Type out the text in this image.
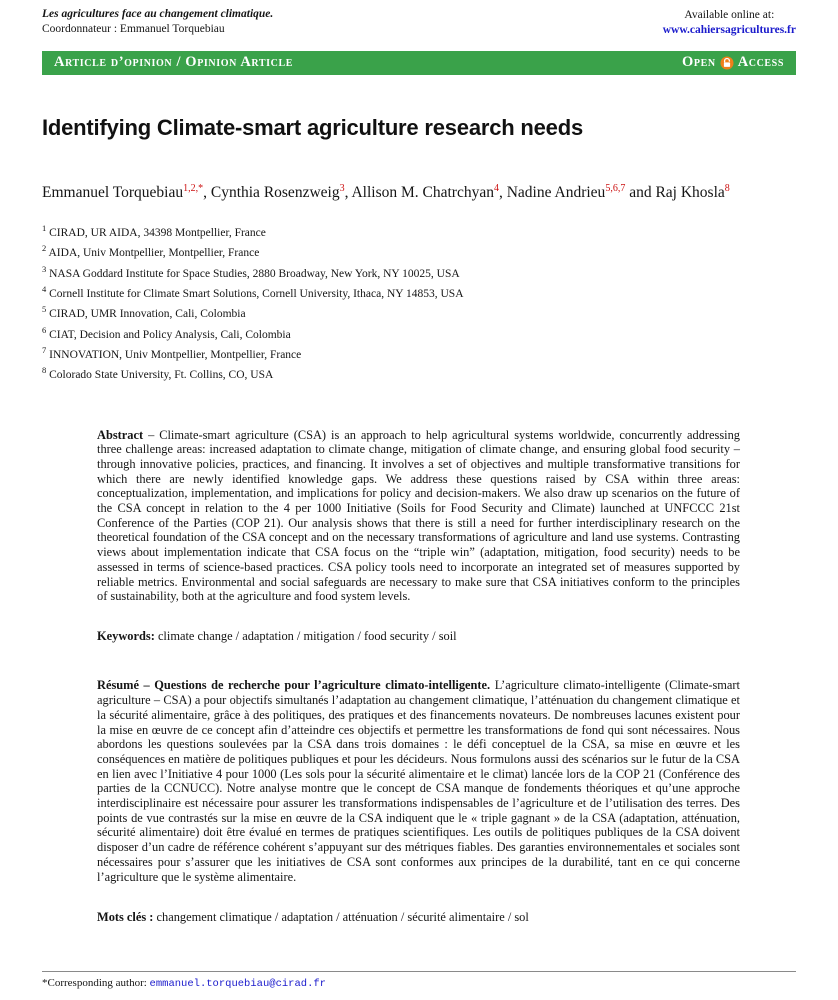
Les agricultures face au changement climatique.
Coordonnateur : Emmanuel Torquebiau
Available online at:
www.cahiersagricultures.fr
Article d’opinion / Opinion Article	Open Access
Identifying Climate-smart agriculture research needs
Emmanuel Torquebiau$^{1,2,*}$, Cynthia Rosenzweig$^3$, Allison M. Chatrchyan$^4$, Nadine Andrieu$^{5,6,7}$ and Raj Khosla$^8$
$^1$ CIRAD, UR AIDA, 34398 Montpellier, France
$^2$ AIDA, Univ Montpellier, Montpellier, France
$^3$ NASA Goddard Institute for Space Studies, 2880 Broadway, New York, NY 10025, USA
$^4$ Cornell Institute for Climate Smart Solutions, Cornell University, Ithaca, NY 14853, USA
$^5$ CIRAD, UMR Innovation, Cali, Colombia
$^6$ CIAT, Decision and Policy Analysis, Cali, Colombia
$^7$ INNOVATION, Univ Montpellier, Montpellier, France
$^8$ Colorado State University, Ft. Collins, CO, USA

Abstract – Climate-smart agriculture (CSA) is an approach to help agricultural systems worldwide, concurrently addressing three challenge areas: increased adaptation to climate change, mitigation of climate change, and ensuring global food security – through innovative policies, practices, and financing. It involves a set of objectives and multiple transformative transitions for which there are newly identified knowledge gaps. We address these questions raised by CSA within three areas: conceptualization, implementation, and implications for policy and decision-makers. We also draw up scenarios on the future of the CSA concept in relation to the 4 per 1000 Initiative (Soils for Food Security and Climate) launched at UNFCCC 21st Conference of the Parties (COP 21). Our analysis shows that there is still a need for further interdisciplinary research on the theoretical foundation of the CSA concept and on the necessary transformations of agriculture and land use systems. Contrasting views about implementation indicate that CSA focus on the “triple win” (adaptation, mitigation, food security) needs to be assessed in terms of science-based practices. CSA policy tools need to incorporate an integrated set of measures supported by reliable metrics. Environmental and social safeguards are necessary to make sure that CSA initiatives conform to the principles of sustainability, both at the agriculture and food system levels.

Keywords: climate change / adaptation / mitigation / food security / soil

Résumé – Questions de recherche pour l’agriculture climato-intelligente. L’agriculture climato-intelligente (Climate-smart agriculture – CSA) a pour objectifs simultanés l’adaptation au changement climatique, l’atténuation du changement climatique et la sécurité alimentaire, grâce à des politiques, des pratiques et des financements novateurs. De nombreuses lacunes existent pour la mise en œuvre de ce concept afin d’atteindre ces objectifs et permettre les transformations de fond qui sont nécessaires. Nous abordons les questions soulevées par la CSA dans trois domaines : le défi conceptuel de la CSA, sa mise en œuvre et les conséquences en matière de politiques publiques et pour les décideurs. Nous formulons aussi des scénarios sur le futur de la CSA en lien avec l’Initiative 4 pour 1000 (Les sols pour la sécurité alimentaire et le climat) lancée lors de la COP 21 (Conférence des parties de la CCNUCC). Notre analyse montre que le concept de CSA manque de fondements théoriques et qu’une approche interdisciplinaire est nécessaire pour assurer les transformations indispensables de l’agriculture et de l’utilisation des terres. Des points de vue contrastés sur la mise en œuvre de la CSA indiquent que le « triple gagnant » de la CSA (adaptation, atténuation, sécurité alimentaire) doit être évalué en termes de pratiques scientifiques. Les outils de politiques publiques de la CSA doivent disposer d’un cadre de référence cohérent s’appuyant sur des métriques fiables. Des garanties environnementales et sociales sont nécessaires pour s’assurer que les initiatives de CSA sont conformes aux principes de la durabilité, tant en ce qui concerne l’agriculture que le système alimentaire.

Mots clés : changement climatique / adaptation / atténuation / sécurité alimentaire / sol

*Corresponding author: emmanuel.torquebiau@cirad.fr
